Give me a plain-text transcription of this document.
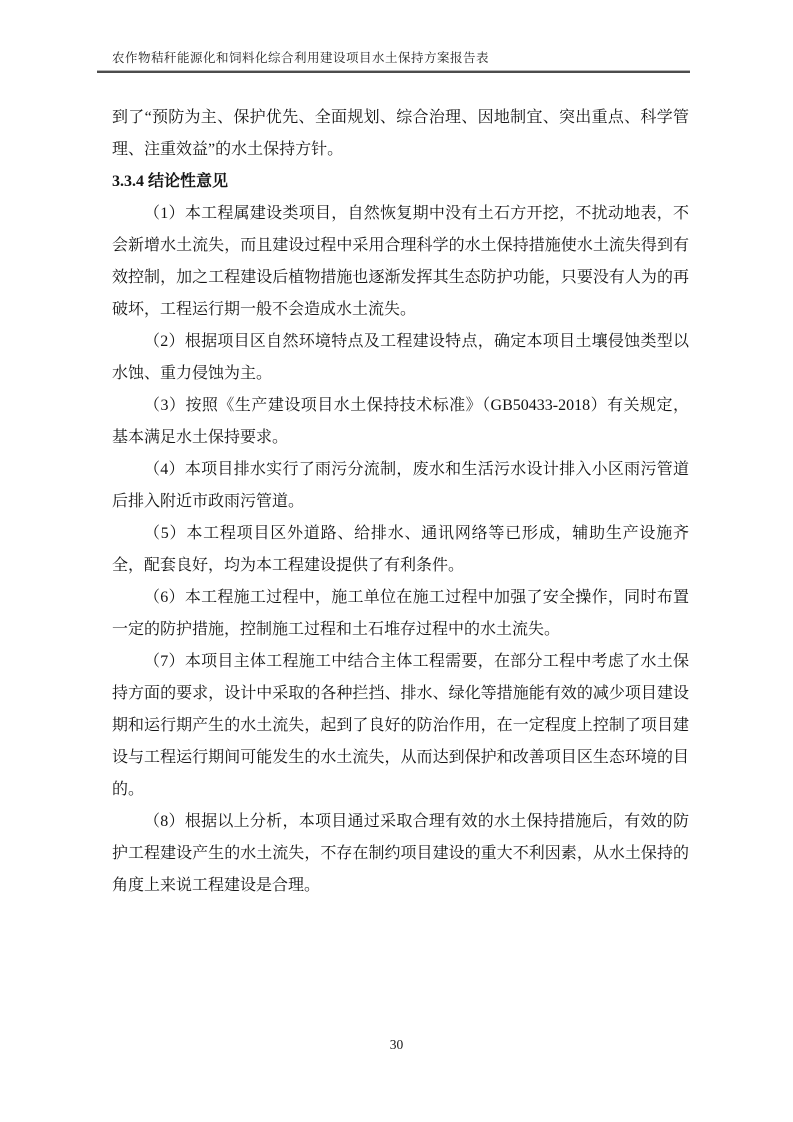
农作物秸秆能源化和饲料化综合利用建设项目水土保持方案报告表

到了“预防为主、保护优先、全面规划、综合治理、因地制宜、突出重点、科学管理、注重效益”的水土保持方针。

3.3.4 结论性意见

（1）本工程属建设类项目，自然恢复期中没有土石方开挖，不扰动地表，不会新增水土流失，而且建设过程中采用合理科学的水土保持措施使水土流失得到有效控制，加之工程建设后植物措施也逐渐发挥其生态防护功能，只要没有人为的再破坏，工程运行期一般不会造成水土流失。

（2）根据项目区自然环境特点及工程建设特点，确定本项目土壤侵蚀类型以水蚀、重力侵蚀为主。

（3）按照《生产建设项目水土保持技术标准》（GB50433-2018）有关规定，基本满足水土保持要求。

（4）本项目排水实行了雨污分流制，废水和生活污水设计排入小区雨污管道后排入附近市政雨污管道。

（5）本工程项目区外道路、给排水、通讯网络等已形成，辅助生产设施齐全，配套良好，均为本工程建设提供了有利条件。

（6）本工程施工过程中，施工单位在施工过程中加强了安全操作，同时布置一定的防护措施，控制施工过程和土石堆存过程中的水土流失。

（7）本项目主体工程施工中结合主体工程需要，在部分工程中考虑了水土保持方面的要求，设计中采取的各种拦挡、排水、绿化等措施能有效的减少项目建设期和运行期产生的水土流失，起到了良好的防治作用，在一定程度上控制了项目建设与工程运行期间可能发生的水土流失，从而达到保护和改善项目区生态环境的目的。

（8）根据以上分析，本项目通过采取合理有效的水土保持措施后，有效的防护工程建设产生的水土流失，不存在制约项目建设的重大不利因素，从水土保持的角度上来说工程建设是合理。

30
